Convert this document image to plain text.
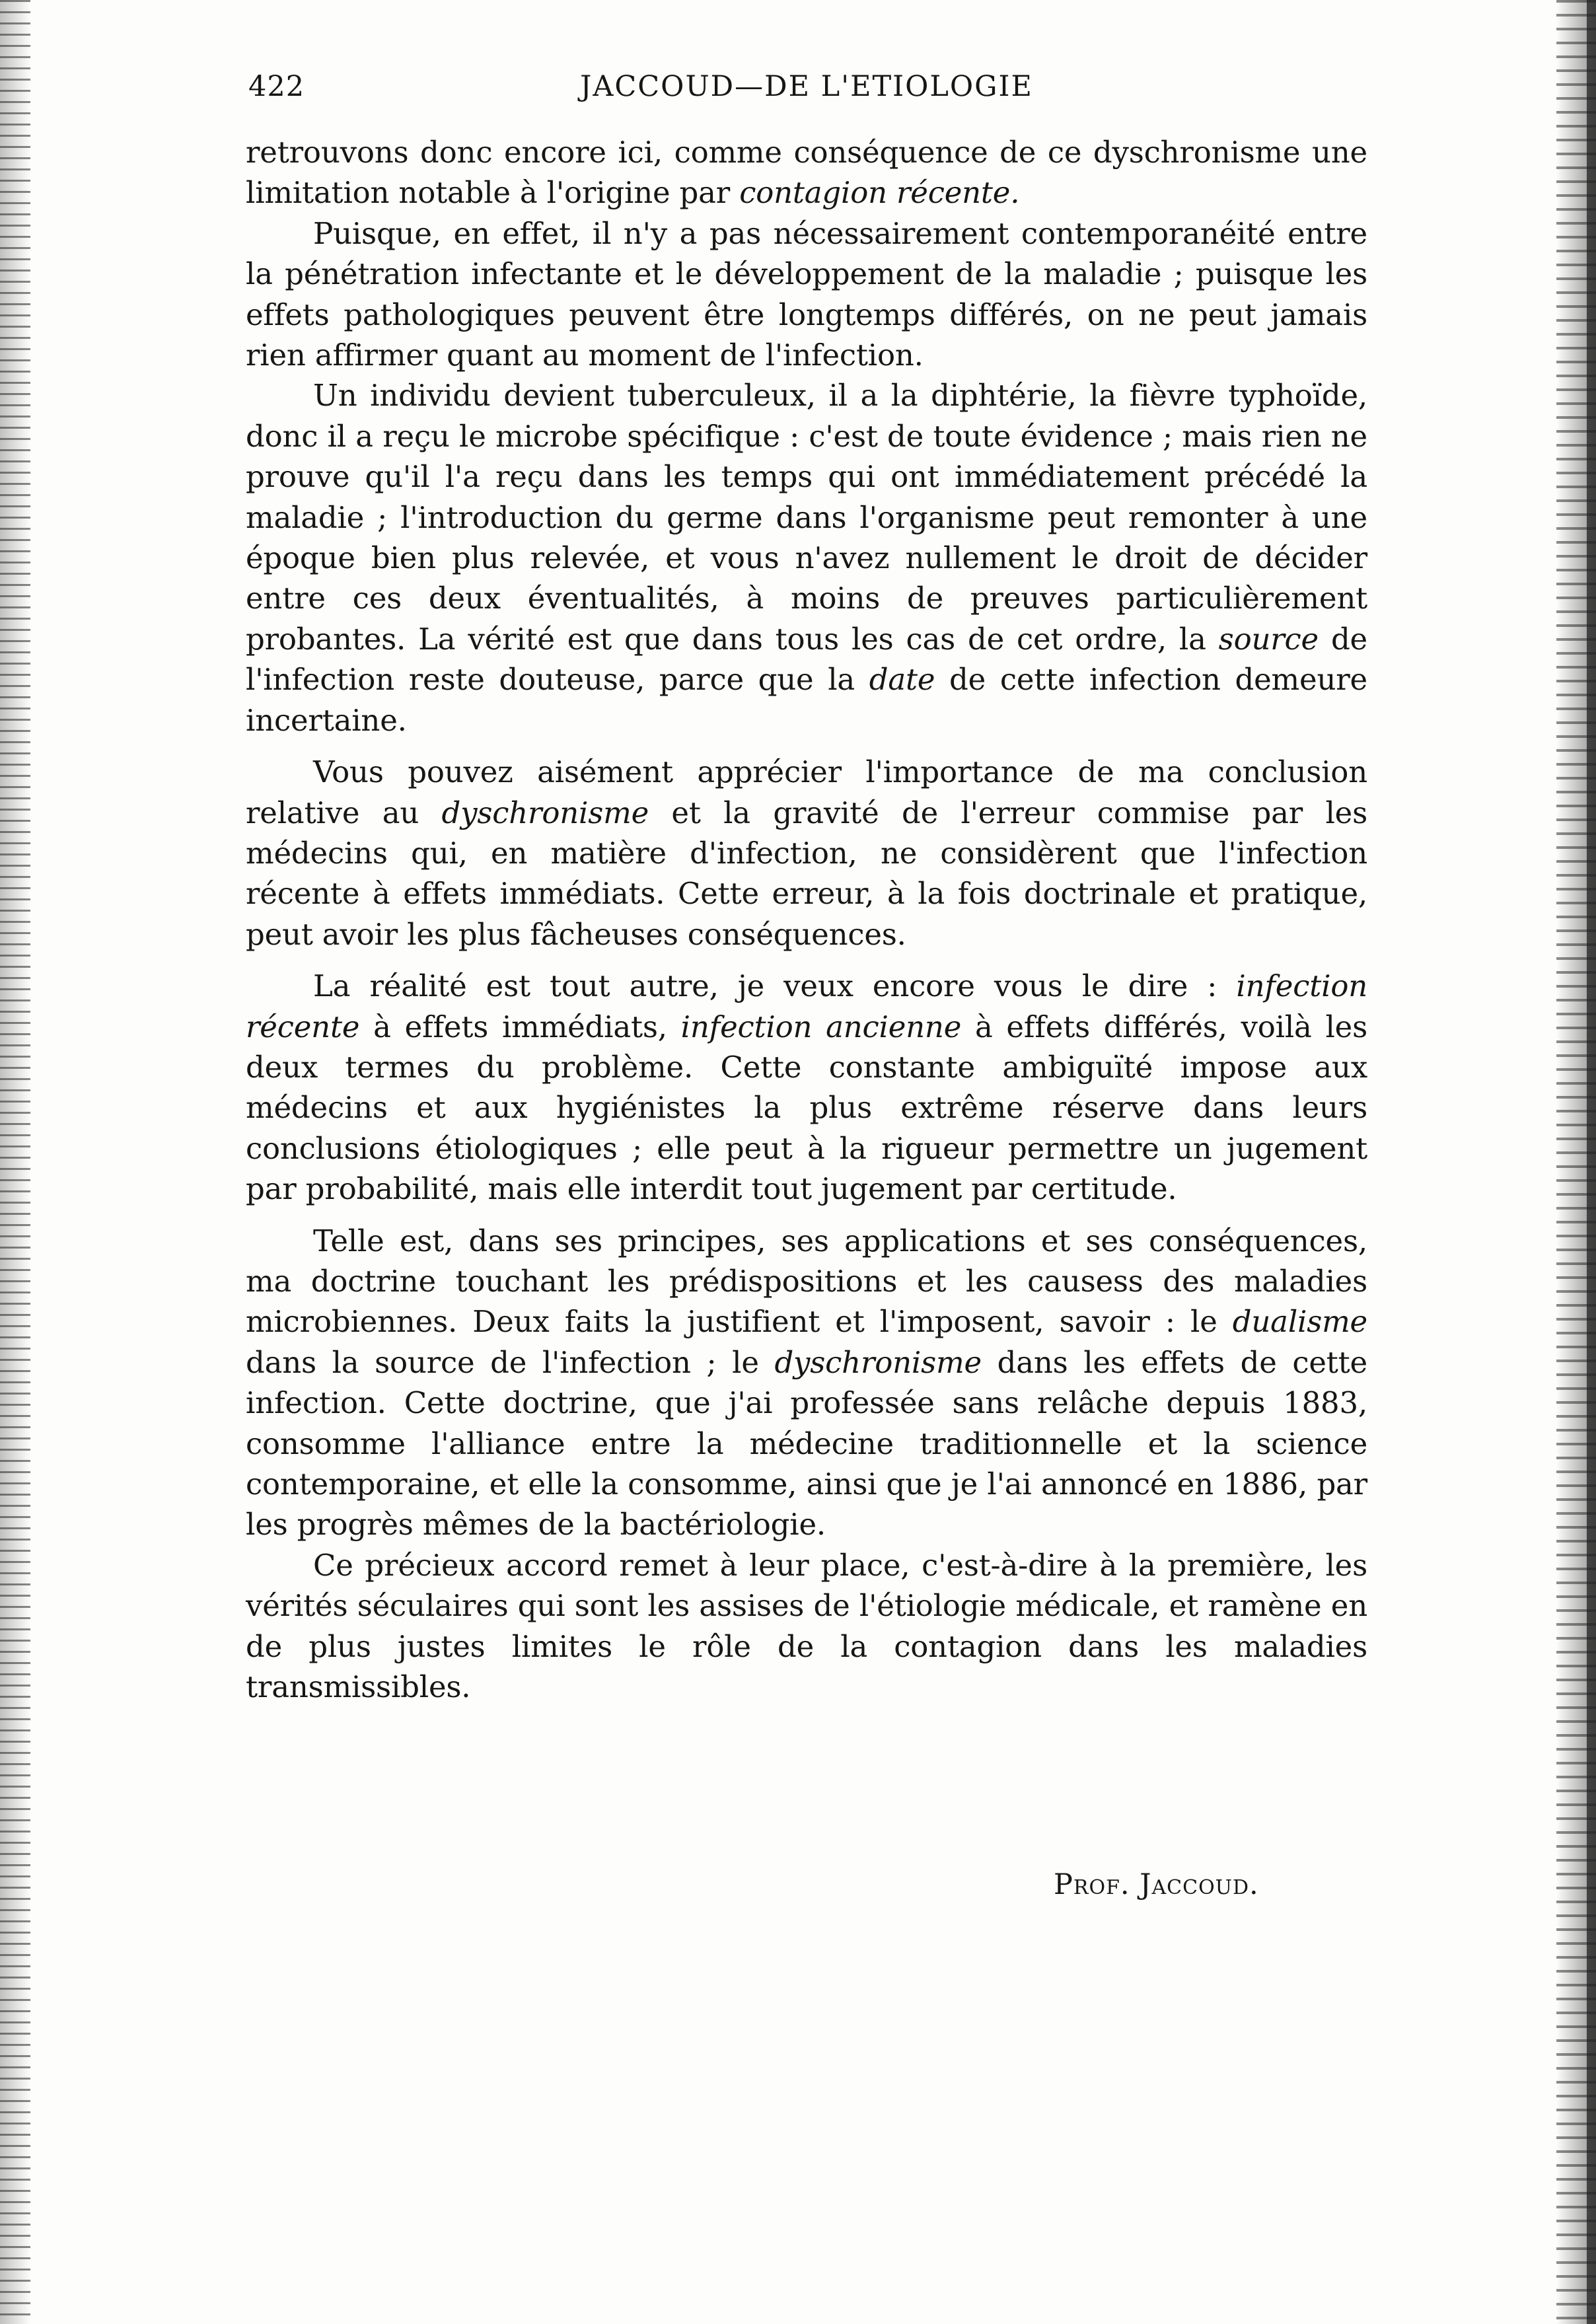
422	JACCOUD—DE L'ETIOLOGIE

retrouvons donc encore ici, comme conséquence de ce dyschronisme une limitation notable à l'origine par contagion récente.

Puisque, en effet, il n'y a pas nécessairement contemporanéité entre la pénétration infectante et le développement de la maladie ; puisque les effets pathologiques peuvent être longtemps différés, on ne peut jamais rien affirmer quant au moment de l'infection.

Un individu devient tuberculeux, il a la diphtérie, la fièvre typhoïde, donc il a reçu le microbe spécifique : c'est de toute évidence ; mais rien ne prouve qu'il l'a reçu dans les temps qui ont immédiatement précédé la maladie ; l'introduction du germe dans l'organisme peut remonter à une époque bien plus relevée, et vous n'avez nullement le droit de décider entre ces deux éventualités, à moins de preuves particulièrement probantes. La vérité est que dans tous les cas de cet ordre, la source de l'infection reste douteuse, parce que la date de cette infection demeure incertaine.

Vous pouvez aisément apprécier l'importance de ma conclusion relative au dyschronisme et la gravité de l'erreur commise par les médecins qui, en matière d'infection, ne considèrent que l'infection récente à effets immédiats. Cette erreur, à la fois doctrinale et pratique, peut avoir les plus fâcheuses conséquences.

La réalité est tout autre, je veux encore vous le dire : infection récente à effets immédiats, infection ancienne à effets différés, voilà les deux termes du problème. Cette constante ambiguïté impose aux médecins et aux hygiénistes la plus extrême réserve dans leurs conclusions étiologiques ; elle peut à la rigueur permettre un jugement par probabilité, mais elle interdit tout jugement par certitude.

Telle est, dans ses principes, ses applications et ses conséquences, ma doctrine touchant les prédispositions et les causess des maladies microbiennes. Deux faits la justifient et l'imposent, savoir : le dualisme dans la source de l'infection ; le dyschronisme dans les effets de cette infection. Cette doctrine, que j'ai professée sans relâche depuis 1883, consomme l'alliance entre la médecine traditionnelle et la science contemporaine, et elle la consomme, ainsi que je l'ai annoncé en 1886, par les progrès mêmes de la bactériologie.

Ce précieux accord remet à leur place, c'est-à-dire à la première, les vérités séculaires qui sont les assises de l'étiologie médicale, et ramène en de plus justes limites le rôle de la contagion dans les maladies transmissibles.

Prof. Jaccoud.
